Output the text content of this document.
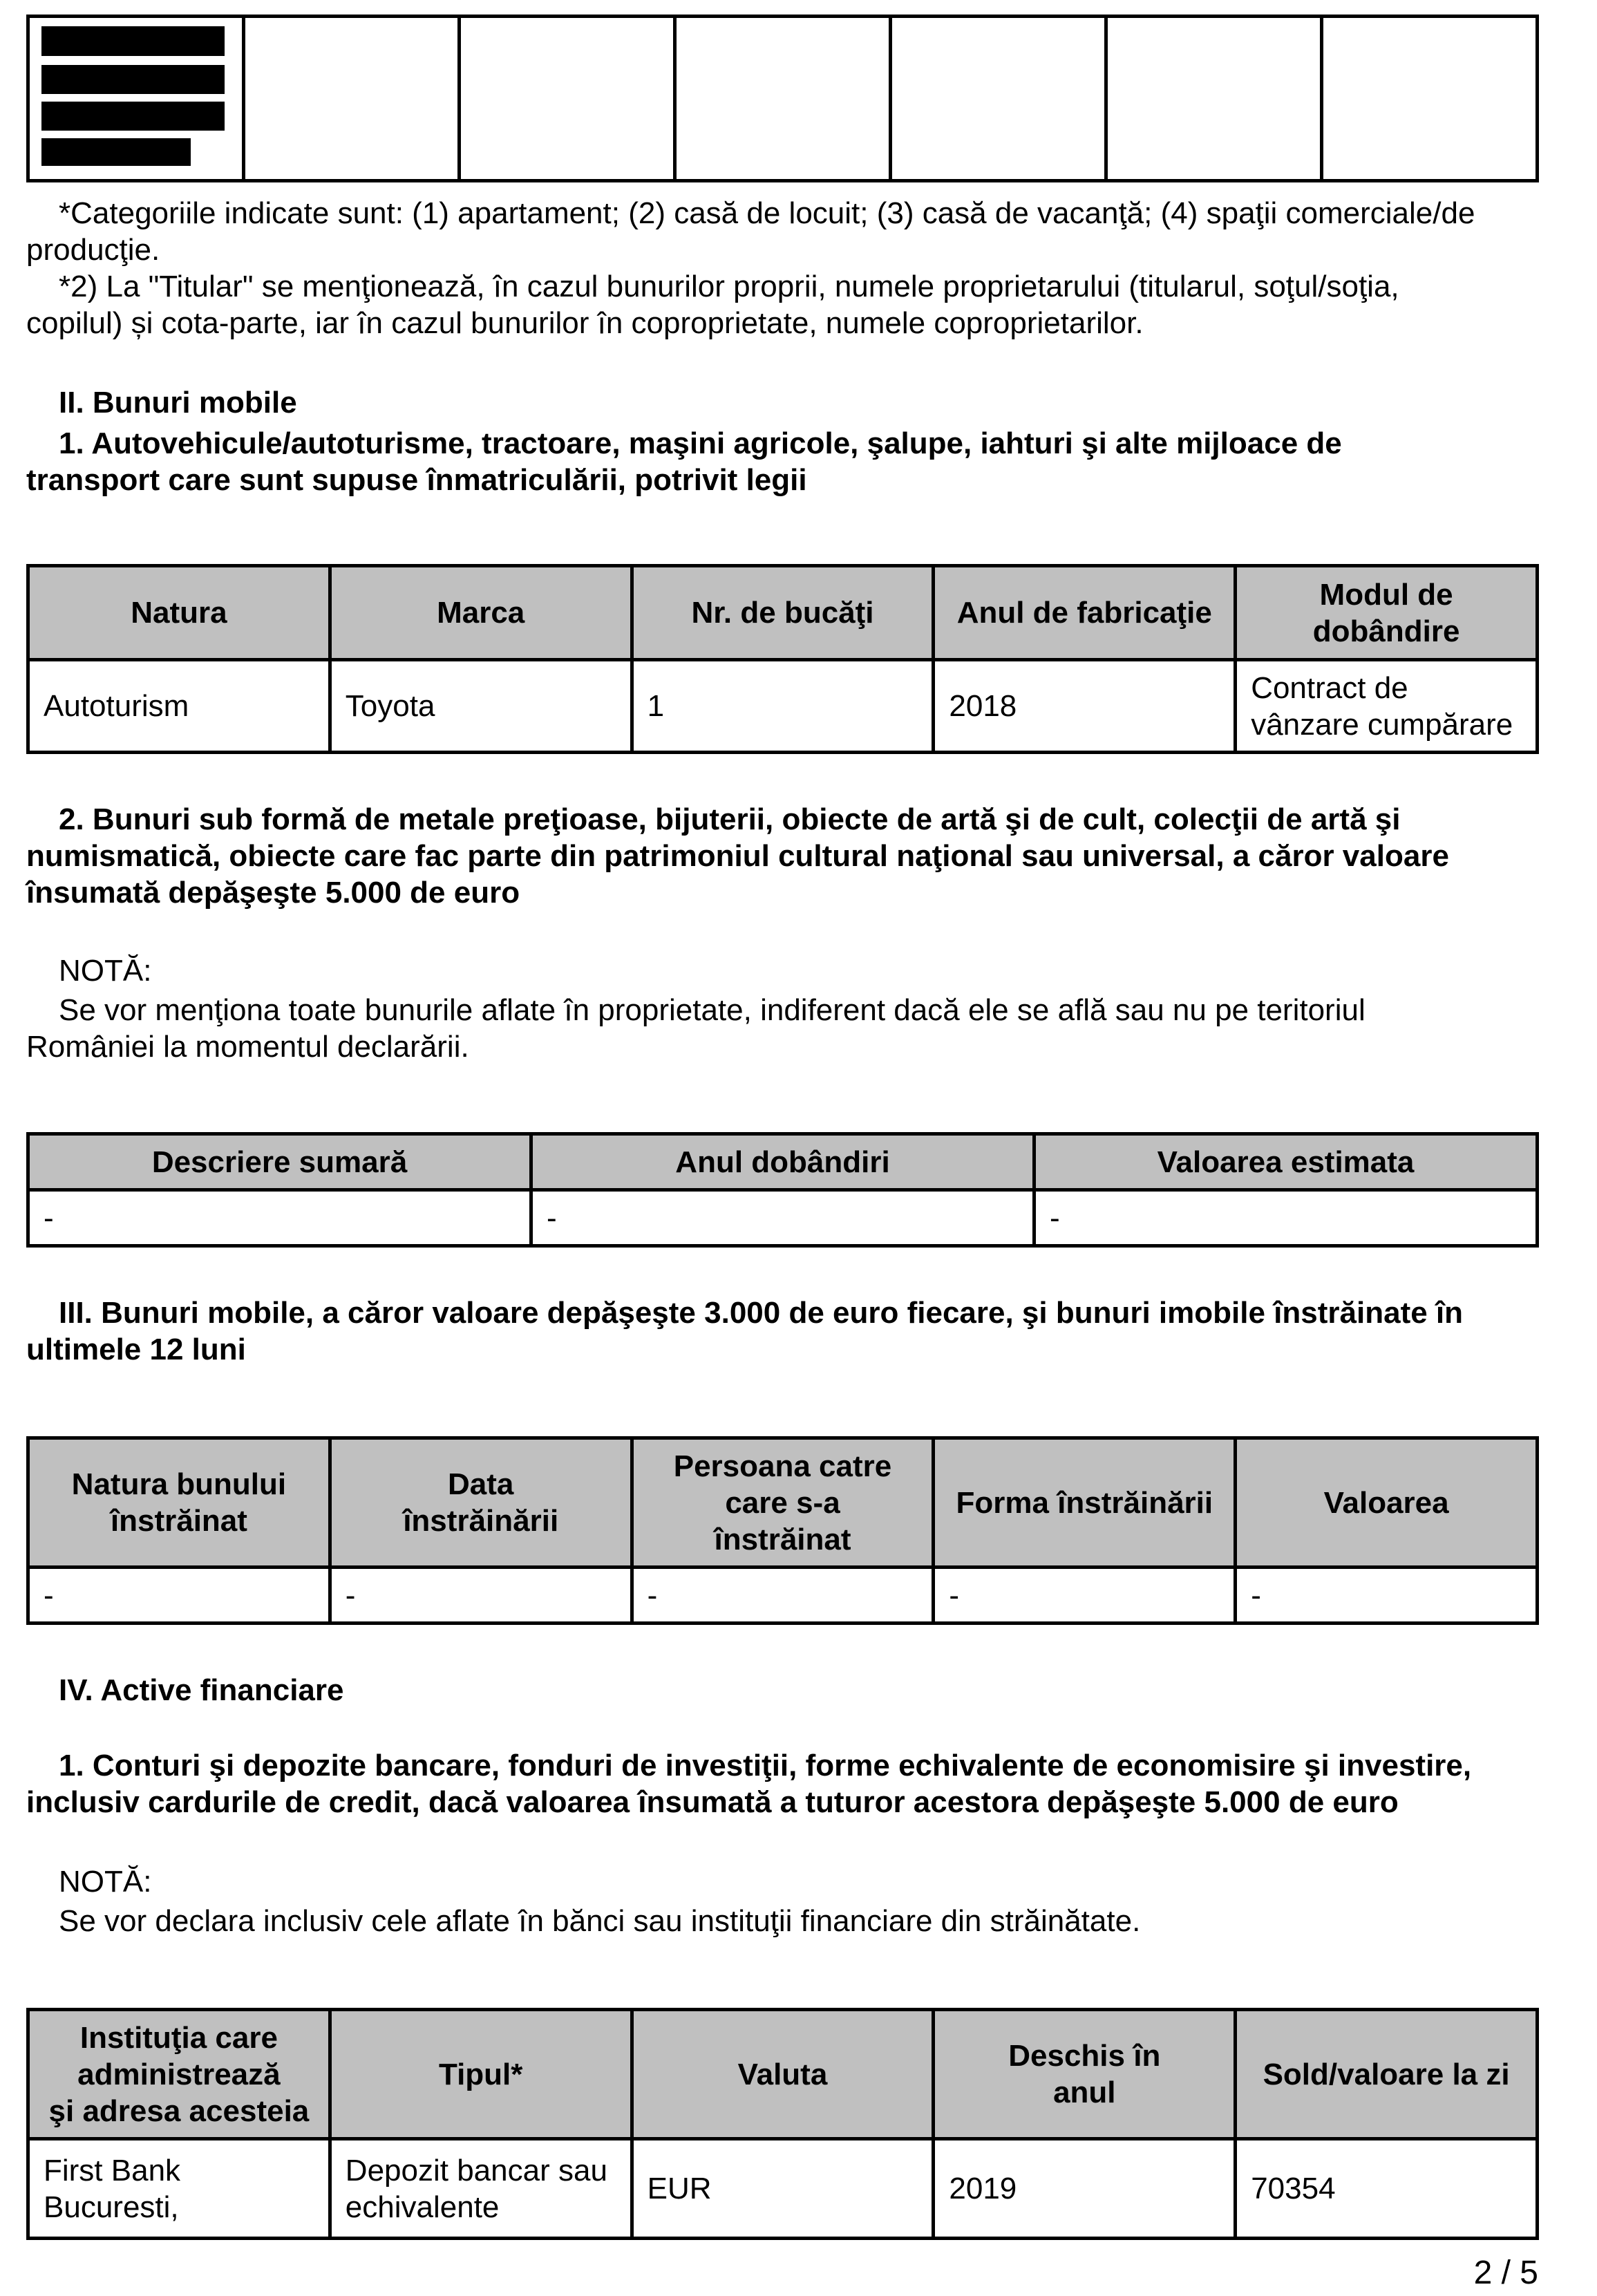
*Categoriile indicate sunt: (1) apartament; (2) casă de locuit; (3) casă de vacanţă; (4) spaţii comerciale/de
producţie.
*2) La "Titular" se menţionează, în cazul bunurilor proprii, numele proprietarului (titularul, soţul/soţia,
copilul) și cota-parte, iar în cazul bunurilor în coproprietate, numele coproprietarilor.
II. Bunuri mobile
1. Autovehicule/autoturisme, tractoare, maşini agricole, şalupe, iahturi şi alte mijloace de
transport care sunt supuse înmatriculării, potrivit legii
Natura	Marca	Nr. de bucăţi	Anul de fabricaţie	Modul de
dobândire
Autoturism	Toyota	1	2018	Contract de
vânzare cumpărare
2. Bunuri sub formă de metale preţioase, bijuterii, obiecte de artă şi de cult, colecţii de artă şi
numismatică, obiecte care fac parte din patrimoniul cultural naţional sau universal, a căror valoare
însumată depăşeşte 5.000 de euro
NOTĂ:
Se vor menţiona toate bunurile aflate în proprietate, indiferent dacă ele se află sau nu pe teritoriul
României la momentul declarării.
Descriere sumară	Anul dobândiri	Valoarea estimata
-	-	-
III. Bunuri mobile, a căror valoare depăşeşte 3.000 de euro fiecare, şi bunuri imobile înstrăinate în
ultimele 12 luni
Natura bunului
înstrăinat	Data
înstrăinării	Persoana catre
care s-a
înstrăinat	Forma înstrăinării	Valoarea
-	-	-	-	-
IV. Active financiare
1. Conturi şi depozite bancare, fonduri de investiţii, forme echivalente de economisire şi investire,
inclusiv cardurile de credit, dacă valoarea însumată a tuturor acestora depăşeşte 5.000 de euro
NOTĂ:
Se vor declara inclusiv cele aflate în bănci sau instituţii financiare din străinătate.
Instituţia care
administrează
şi adresa acesteia	Tipul*	Valuta	Deschis în
anul	Sold/valoare la zi
First Bank
Bucuresti,	Depozit bancar sau
echivalente	EUR	2019	70354
2 / 5
